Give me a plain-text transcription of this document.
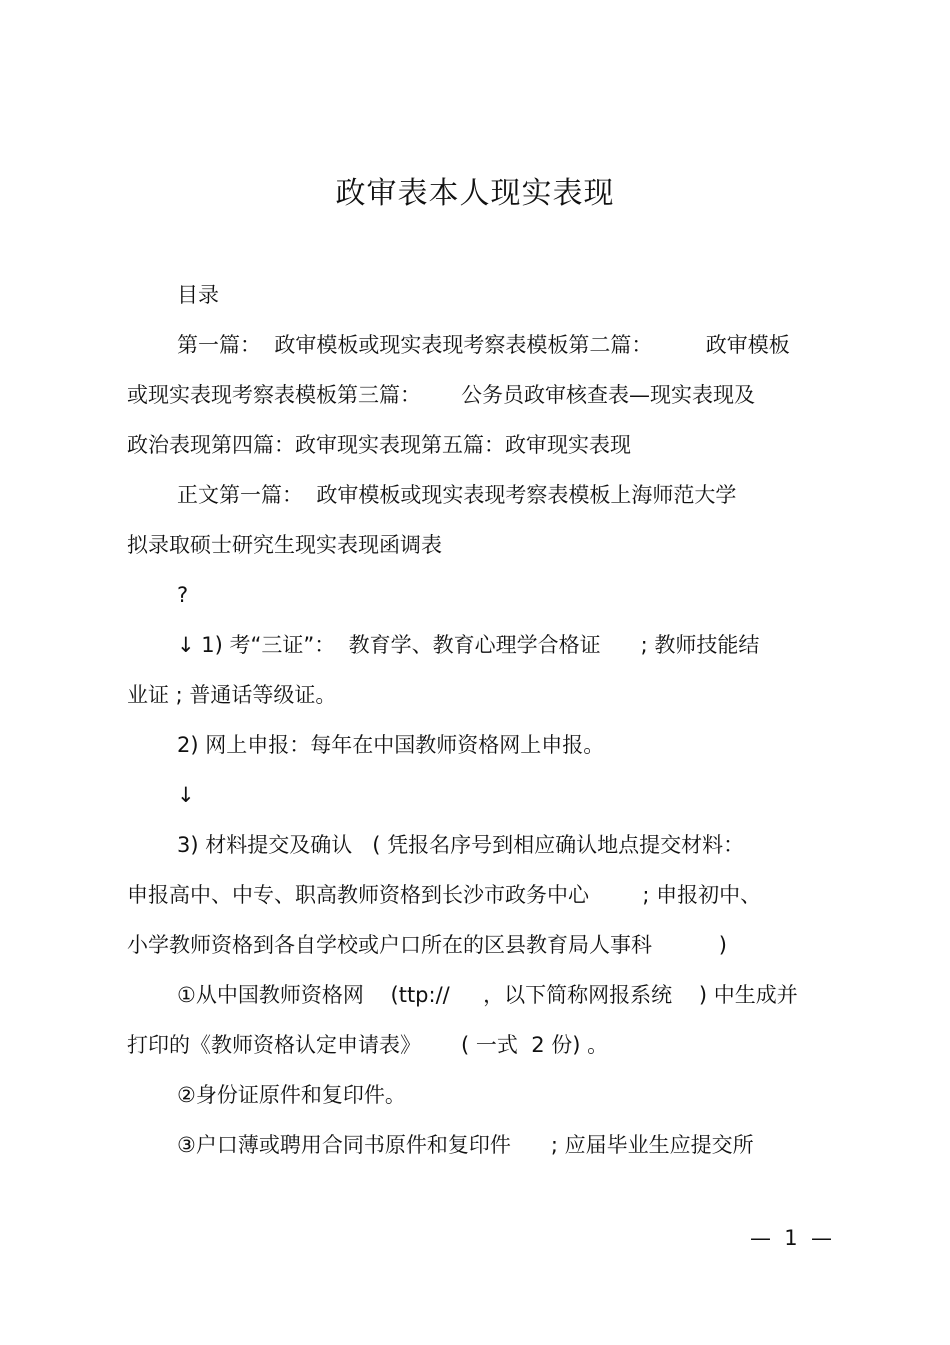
政审表本人现实表现
目录
第一篇：  政审模板或现实表现考察表模板第二篇：        政审模板
或现实表现考察表模板第三篇：      公务员政审核查表—现实表现及
政治表现第四篇：政审现实表现第五篇：政审现实表现
正文第一篇：  政审模板或现实表现考察表模板上海师范大学
拟录取硕士研究生现实表现函调表
?
↓ 1) 考“三证”：  教育学、教育心理学合格证      ; 教师技能结
业证 ; 普通话等级证。
2) 网上申报：每年在中国教师资格网上申报。
↓
3) 材料提交及确认   ( 凭报名序号到相应确认地点提交材料：
申报高中、中专、职高教师资格到长沙市政务中心        ; 申报初中、
小学教师资格到各自学校或户口所在的区县教育局人事科          )
①从中国教师资格网    (ttp://     ，以下简称网报系统    ) 中生成并
打印的《教师资格认定申请表》      ( 一式  2 份) 。
②身份证原件和复印件。
③户口薄或聘用合同书原件和复印件      ; 应届毕业生应提交所
—  1  —
